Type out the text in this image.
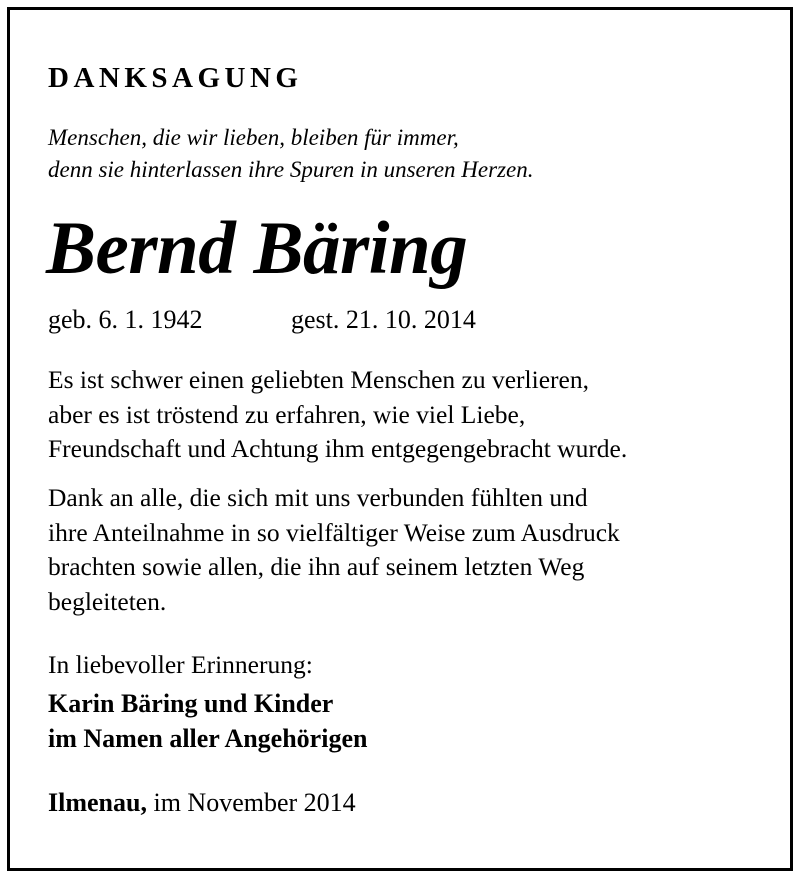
DANKSAGUNG
Menschen, die wir lieben, bleiben für immer,
denn sie hinterlassen ihre Spuren in unseren Herzen.
Bernd Bäring
geb. 6. 1. 1942	gest. 21. 10. 2014
Es ist schwer einen geliebten Menschen zu verlieren,
aber es ist tröstend zu erfahren, wie viel Liebe,
Freundschaft und Achtung ihm entgegengebracht wurde.
Dank an alle, die sich mit uns verbunden fühlten und
ihre Anteilnahme in so vielfältiger Weise zum Ausdruck
brachten sowie allen, die ihn auf seinem letzten Weg
begleiteten.
In liebevoller Erinnerung:
Karin Bäring und Kinder
im Namen aller Angehörigen
Ilmenau, im November 2014
